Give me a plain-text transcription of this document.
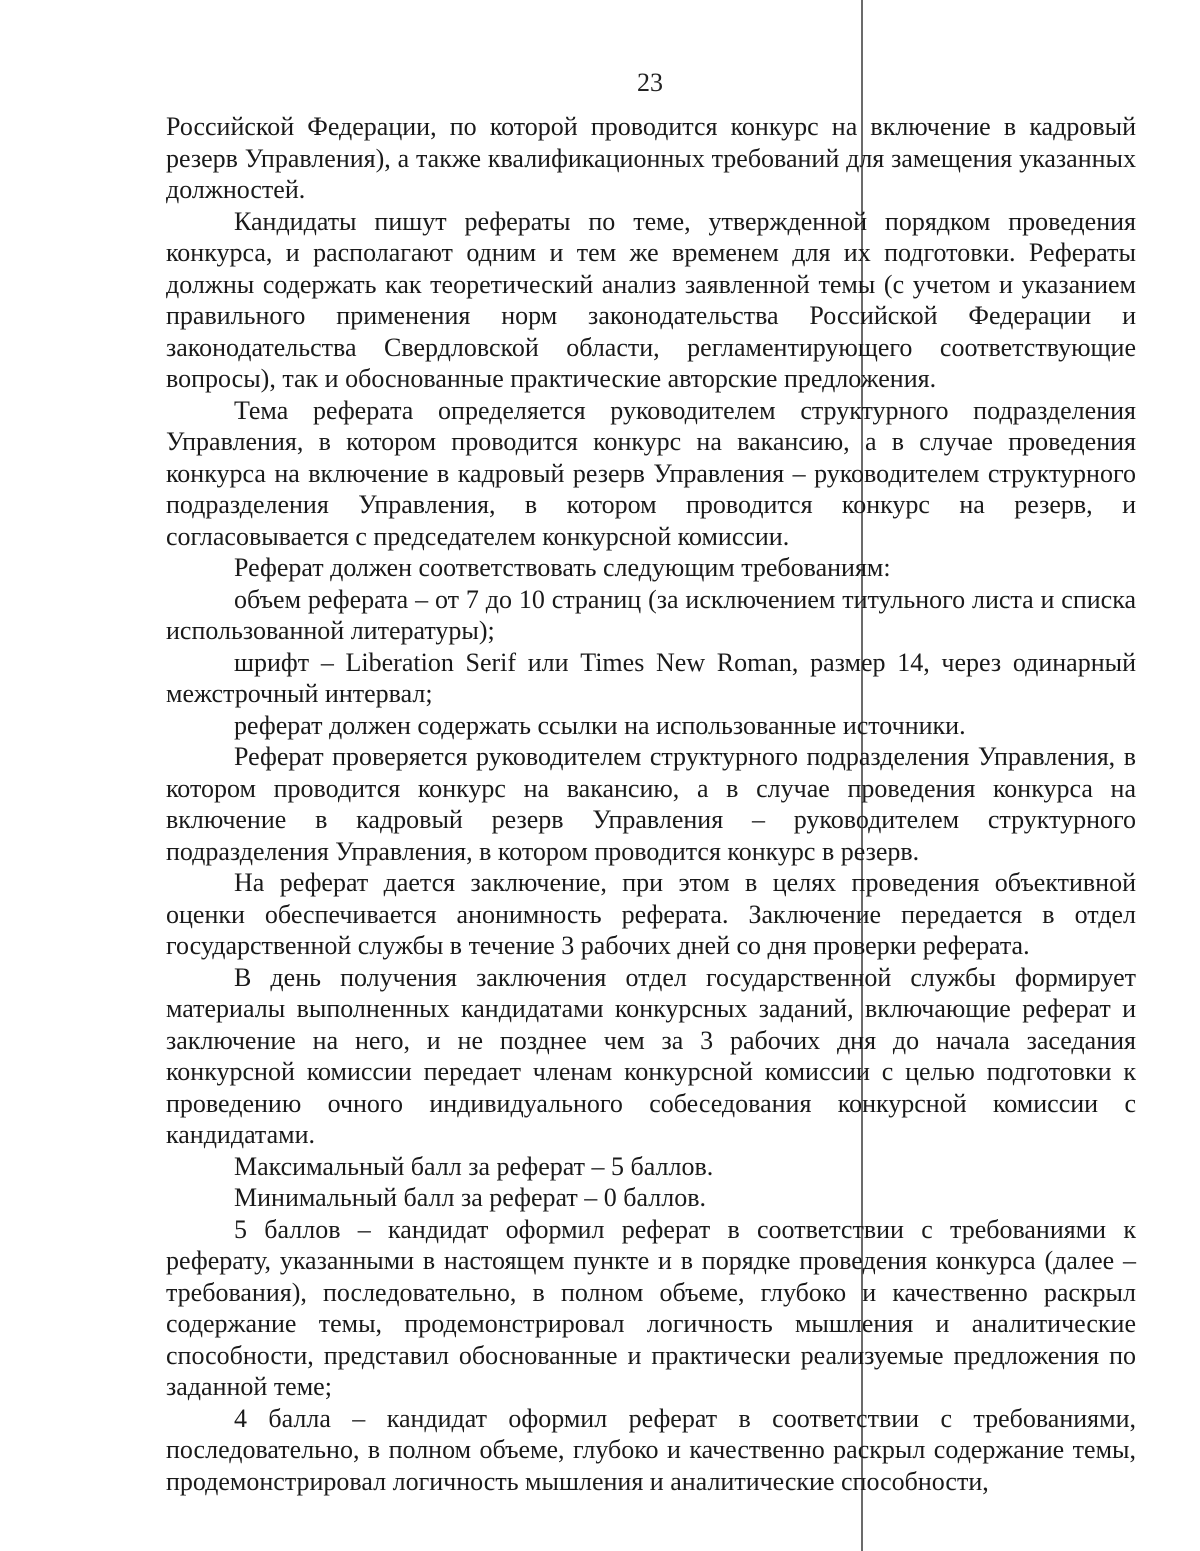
23

Российской Федерации, по которой проводится конкурс на включение в кадровый резерв Управления), а также квалификационных требований для замещения указанных должностей.

Кандидаты пишут рефераты по теме, утвержденной порядком проведения конкурса, и располагают одним и тем же временем для их подготовки. Рефераты должны содержать как теоретический анализ заявленной темы (с учетом и указанием правильного применения норм законодательства Российской Федерации и законодательства Свердловской области, регламентирующего соответствующие вопросы), так и обоснованные практические авторские предложения.

Тема реферата определяется руководителем структурного подразделения Управления, в котором проводится конкурс на вакансию, а в случае проведения конкурса на включение в кадровый резерв Управления – руководителем структурного подразделения Управления, в котором проводится конкурс на резерв, и согласовывается с председателем конкурсной комиссии.

Реферат должен соответствовать следующим требованиям:

объем реферата – от 7 до 10 страниц (за исключением титульного листа и списка использованной литературы);

шрифт – Liberation Serif или Times New Roman, размер 14, через одинарный межстрочный интервал;

реферат должен содержать ссылки на использованные источники.

Реферат проверяется руководителем структурного подразделения Управления, в котором проводится конкурс на вакансию, а в случае проведения конкурса на включение в кадровый резерв Управления – руководителем структурного подразделения Управления, в котором проводится конкурс в резерв.

На реферат дается заключение, при этом в целях проведения объективной оценки обеспечивается анонимность реферата. Заключение передается в отдел государственной службы в течение 3 рабочих дней со дня проверки реферата.

В день получения заключения отдел государственной службы формирует материалы выполненных кандидатами конкурсных заданий, включающие реферат и заключение на него, и не позднее чем за 3 рабочих дня до начала заседания конкурсной комиссии передает членам конкурсной комиссии с целью подготовки к проведению очного индивидуального собеседования конкурсной комиссии с кандидатами.

Максимальный балл за реферат – 5 баллов.

Минимальный балл за реферат – 0 баллов.

5 баллов – кандидат оформил реферат в соответствии с требованиями к реферату, указанными в настоящем пункте и в порядке проведения конкурса (далее – требования), последовательно, в полном объеме, глубоко и качественно раскрыл содержание темы, продемонстрировал логичность мышления и аналитические способности, представил обоснованные и практически реализуемые предложения по заданной теме;

4 балла – кандидат оформил реферат в соответствии с требованиями, последовательно, в полном объеме, глубоко и качественно раскрыл содержание темы, продемонстрировал логичность мышления и аналитические способности,
